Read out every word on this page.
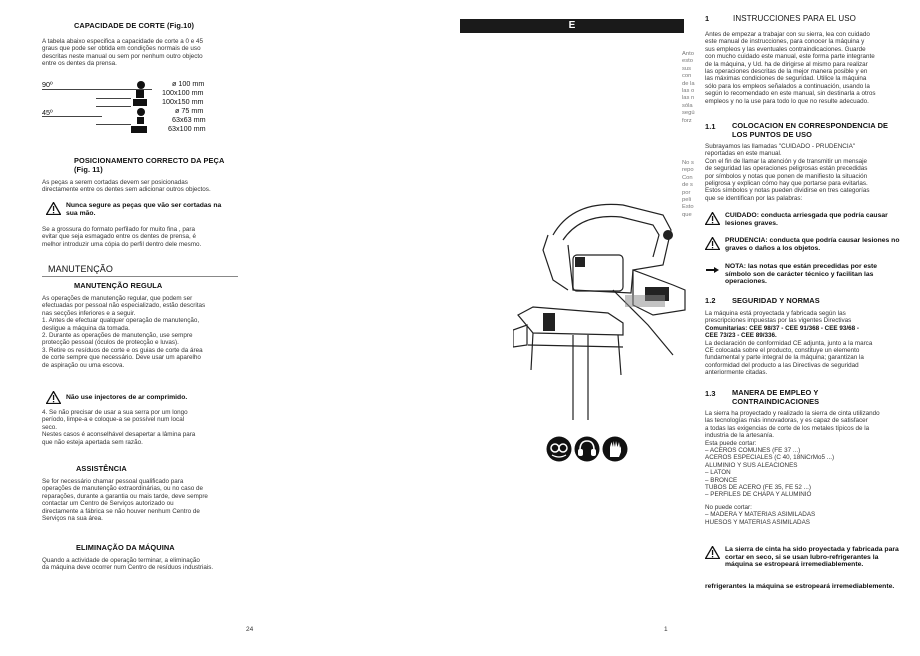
CAPACIDADE DE CORTE (Fig.10)
A tabela abaixo especifica a capacidade de corte a 0 e 45
graus que pode ser obtida em condições normais de uso
descritas neste manual ou sem por nenhum outro objecto
entre os dentes da prensa.
90º	ø 100 mm
100x100 mm
100x150 mm
45º	ø 75 mm
63x63 mm
63x100 mm
POSICIONAMENTO CORRECTO DA PEÇA
(Fig. 11)
As peças a serem cortadas devem ser posicionadas
directamente entre os dentes sem adicionar outros objectos.
Nunca segure as peças que vão ser cortadas na sua mão.
Se a grossura do formato perfilado for muito fina , para
evitar que seja esmagado entre os dentes de prensa, é
melhor introduzir uma cópia do perfil dentro dele mesmo.
MANUTENÇÃO
MANUTENÇÃO REGULA
As operações de manutenção regular, que podem ser
efectuadas por pessoal não especializado, estão descritas
nas secções inferiores e a seguir.
1. Antes de efectuar qualquer operação de manutenção,
desligue a máquina da tomada.
2. Durante as operações de manutenção, use sempre
protecção pessoal (óculos de protecção e luvas).
3. Retire os resíduos de corte e os guias de corte da área
de corte sempre que necessário. Deve usar um aparelho
de aspiração ou uma escova.
Não use injectores de ar comprimido.
4. Se não precisar de usar a sua serra por um longo
período, limpe-a e coloque-a se possível num local
seco.
Nestes casos é aconselhável desapertar a lâmina para
que não esteja apertada sem razão.
ASSISTÊNCIA
Se for necessário chamar pessoal qualificado para
operações de manutenção extraordinárias, ou no caso de
reparações, durante a garantia ou mais tarde, deve sempre
contactar um Centro de Serviços autorizado ou
directamente a fábrica se não houver nenhum Centro de
Serviços na sua área.
ELIMINAÇÃO DA MÁQUINA
Quando a actividade de operação terminar, a eliminação
da máquina deve ocorrer num Centro de resíduos industriais.
24
E
Anto
esto
sus
con
de la
las o
las n
sóla
segú
forz
No s
repo
Con
de s
por
peli
Esto
que
1	INSTRUCCIONES PARA EL USO
Antes de empezar a trabajar con su sierra, lea con cuidado
este manual de instrucciones, para conocer la máquina y
sus empleos y las eventuales contraindicaciones. Guarde
con mucho cuidado este manual, este forma parte integrante
de la máquina, y Ud. ha de dirigirse al mismo para realizar
las operaciones descritas de la mejor manera posible y en
las máximas condiciones de seguridad. Utilice la máquina
sólo para los empleos señalados a continuación, usando la
según lo recomendado en este manual, sin destinarla a otros
empleos y no la use para todo lo que no resulte adecuado.
1.1 COLOCACION EN CORRESPONDENCIA DE LOS PUNTOS DE USO
Subrayamos las llamadas "CUIDADO - PRUDENCIA"
reportadas en este manual.
Con el fin de llamar la atención y de transmitir un mensaje
de seguridad las operaciones peligrosas están precedidas
por símbolos y notas que ponen de manifiesto la situación
peligrosa y explican cómo hay que portarse para evitarlas.
Estos símbolos y notas pueden dividirse en tres categorías
que se identifican por las palabras:
CUIDADO: conducta arriesgada que podría causar lesiones graves.
PRUDENCIA: conducta que podría causar lesiones no graves o daños a los objetos.
NOTA: las notas que están precedidas por este símbolo son de carácter técnico y facilitan las operaciones.
1.2 SEGURIDAD Y NORMAS
La máquina está proyectada y fabricada según las
prescripciones impuestas por las vigentes Directivas
Comunitarias: CEE 98/37 - CEE 91/368 - CEE 93/68 -
CEE 73/23 - CEE 89/336.
La declaración de conformidad CE adjunta, junto a la marca
CE colocada sobre el producto, constituye un elemento
fundamental y parte integral de la máquina; garantizan la
conformidad del producto a las Directivas de seguridad
anteriormente citadas.
1.3 MANERA DE EMPLEO Y CONTRAINDICACIONES
La sierra ha proyectado y realizado la sierra de cinta utilizando
las tecnologías más innovadoras, y es capaz de satisfacer
a todas las exigencias de corte de los metales típicos de la
industria de la artesanía.
Esta puede cortar:
– ACEROS COMUNES (FE 37 ...)
ACEROS ESPECIALES (C 40, 18NiCrMo5 ...)
ALUMINIO Y SUS ALEACIONES
– LATON
– BRONCE
TUBOS DE ACERO (FE 35, FE 52 ...)
– PERFILES DE CHAPA Y ALUMINIO
No puede cortar:
– MADERA Y MATERIAS ASIMILADAS
HUESOS Y MATERIAS ASIMILADAS
La sierra de cinta ha sido proyectada y fabricada para cortar en seco, si se usan lubro-refrigerantes la máquina se estropeará irremediablemente.
refrigerantes la máquina se estropeará irremediablemente.
1
